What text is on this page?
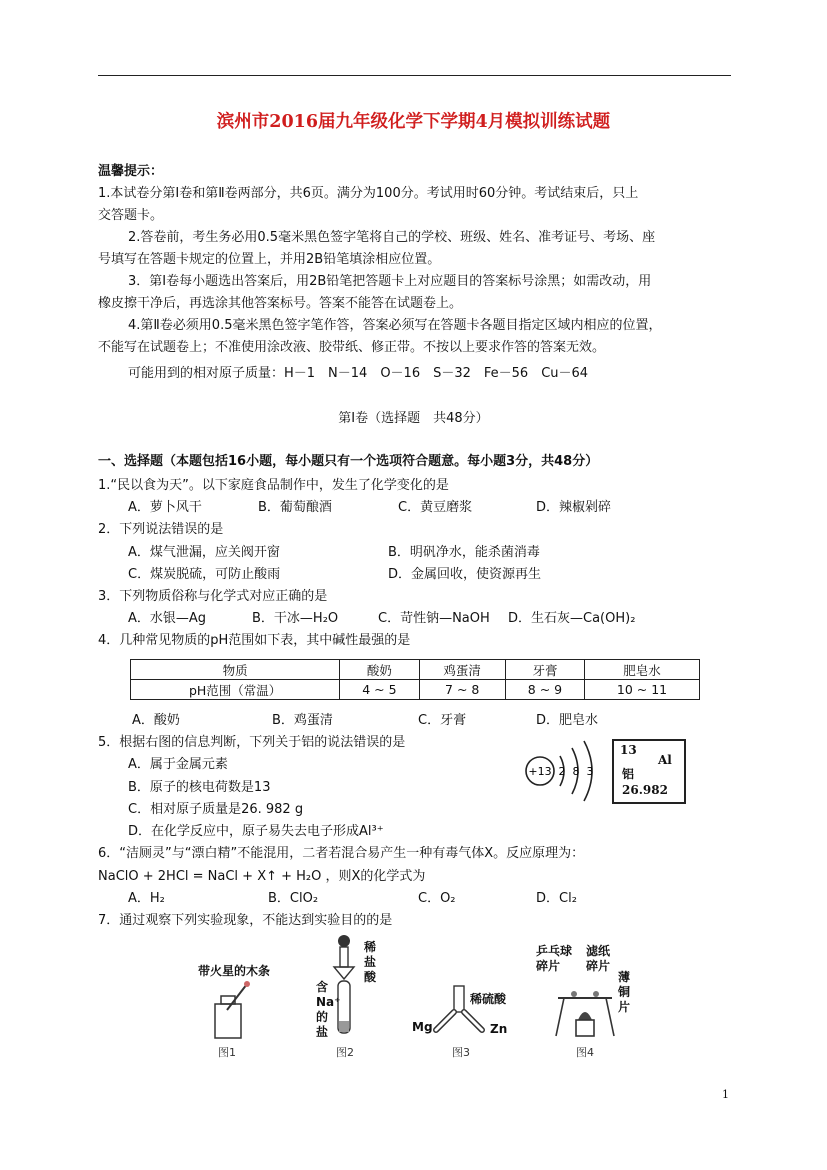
滨州市2016届九年级化学下学期4月模拟训练试题
温馨提示：
1.本试卷分第Ⅰ卷和第Ⅱ卷两部分，共6页。满分为100分。考试用时60分钟。考试结束后，只上
交答题卡。
2.答卷前，考生务必用0.5毫米黑色签字笔将自己的学校、班级、姓名、准考证号、考场、座
号填写在答题卡规定的位置上，并用2B铅笔填涂相应位置。
3．第Ⅰ卷每小题选出答案后，用2B铅笔把答题卡上对应题目的答案标号涂黑；如需改动，用
橡皮擦干净后，再选涂其他答案标号。答案不能答在试题卷上。
4.第Ⅱ卷必须用0.5毫米黑色签字笔作答，答案必须写在答题卡各题目指定区域内相应的位置，
不能写在试题卷上；不准使用涂改液、胶带纸、修正带。不按以上要求作答的答案无效。
可能用到的相对原子质量：H－1　N－14　O－16　S－32　Fe－56　Cu－64
第Ⅰ卷（选择题　共48分）
一、选择题（本题包括16小题，每小题只有一个选项符合题意。每小题3分，共48分）
1.“民以食为天”。以下家庭食品制作中，发生了化学变化的是
A．萝卜风干	B．葡萄酿酒	C．黄豆磨浆	D．辣椒剁碎
2．下列说法错误的是
A．煤气泄漏，应关阀开窗	B．明矾净水，能杀菌消毒
C．煤炭脱硫，可防止酸雨	D．金属回收，使资源再生
3．下列物质俗称与化学式对应正确的是
A．水银—Ag	B．干冰—H₂O	C．苛性钠—NaOH D．生石灰—Ca(OH)₂
4．几种常见物质的pH范围如下表，其中碱性最强的是
物质	酸奶	鸡蛋清	牙膏	肥皂水
pH范围（常温）	4 ~ 5	7 ~ 8	8 ~ 9	10 ~ 11
A．酸奶	B．鸡蛋清	C．牙膏	D．肥皂水
5．根据右图的信息判断，下列关于铝的说法错误的是
A．属于金属元素
B．原子的核电荷数是13
C．相对原子质量是26. 982 g
D．在化学反应中，原子易失去电子形成Al³⁺
+13 2 8 3
13
Al
铝
26.982
6．“洁厕灵”与“漂白精”不能混用，二者若混合易产生一种有毒气体X。反应原理为：
NaClO + 2HCl = NaCl + X↑ + H₂O ，则X的化学式为
A．H₂	B．ClO₂	C．O₂	D．Cl₂
7．通过观察下列实验现象，不能达到实验目的的是
带火星的木条
图1
含Na⁺的盐
稀盐酸
图2
稀硫酸
Mg	Zn
图3
乒乓球碎片
滤纸碎片
薄铜片
图4
1
